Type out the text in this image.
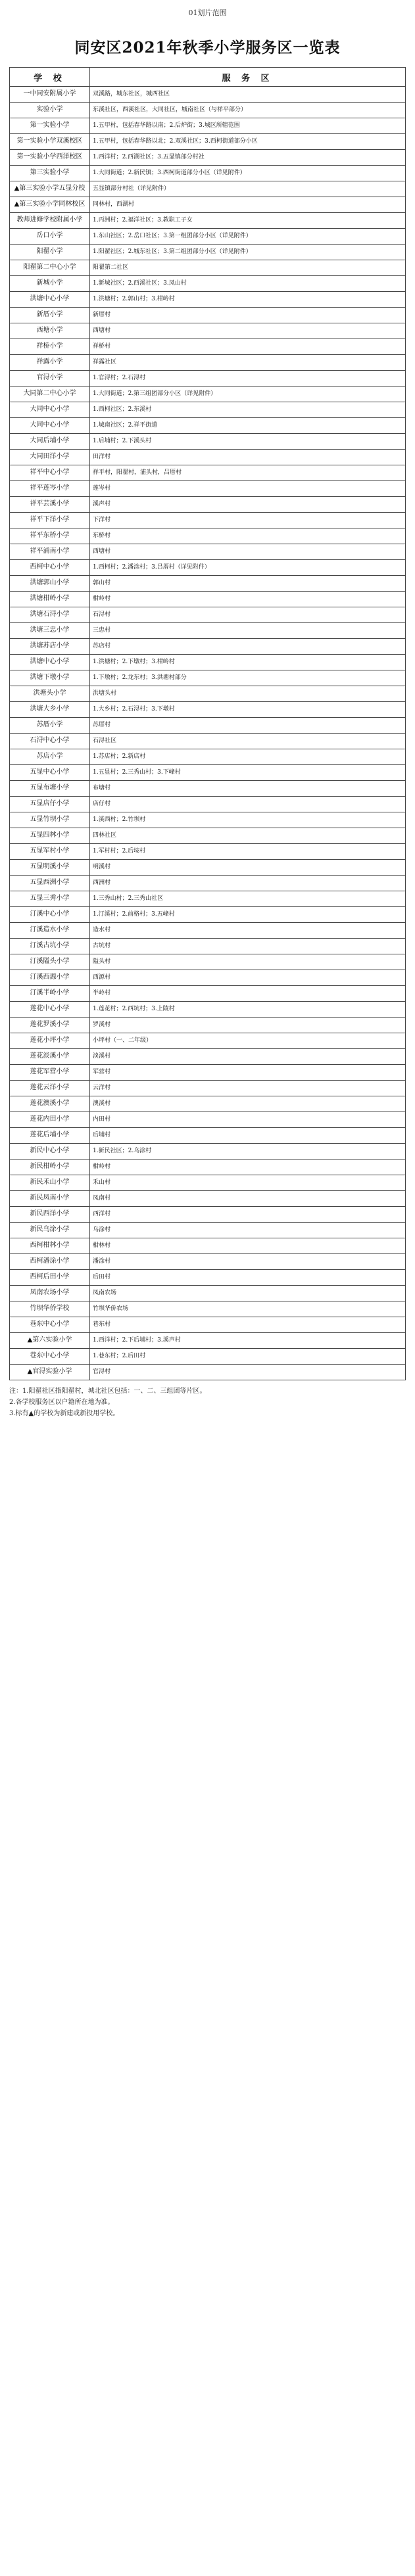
01划片范围
同安区2021年秋季小学服务区一览表
学 校	服 务 区
一中同安附属小学	双溪路，城东社区，城西社区
实验小学	东溪社区，西溪社区，大同社区，城南社区（与祥平部分）
第一实验小学	1.五甲村，包括春华路以南；2.后炉街；3.城区所辖范围
第一实验小学双溪校区	1.五甲村，包括春华路以北；2.双溪社区；3.西柯街道部分小区
第一实验小学西洋校区	1.西洋村；2.西湖社区；3.五显镇部分村社
第三实验小学	1.大同街道；2.新民镇；3.西柯街道部分小区（详见附件）
▲第三实验小学五显分校	五显镇部分村社（详见附件）
▲第三实验小学同林校区	同林村，西湖村
教师进修学校附属小学	1.丙洲村；2.福洋社区；3.教职工子女
岳口小学	1.东山社区；2.岳口社区；3.第一组团部分小区（详见附件）
阳翟小学	1.阳翟社区；2.城东社区；3.第二组团部分小区（详见附件）
阳翟第二中心小学	阳翟第二社区
新城小学	1.新城社区；2.西溪社区；3.凤山村
洪塘中心小学	1.洪塘村；2.郭山村；3.柑岭村
新厝小学	新厝村
西塘小学	西塘村
祥桥小学	祥桥村
祥露小学	祥露社区
官浔小学	1.官浔村；2.石浔村
大同第二中心小学	1.大同街道；2.第三组团部分小区（详见附件）
大同中心小学	1.西柯社区；2.东溪村
大同中心小学	1.城南社区；2.祥平街道
大同后埔小学	1.后埔村；2.下溪头村
大同田洋小学	田洋村
祥平中心小学	祥平村，阳翟村，浦头村，吕厝村
祥平莲岑小学	莲岑村
祥平芸溪小学	溪声村
祥平下洋小学	下洋村
祥平东桥小学	东桥村
祥平浦南小学	西塘村
西柯中心小学	1.西柯村；2.潘涂村；3.吕厝村（详见附件）
洪塘郭山小学	郭山村
洪塘柑岭小学	柑岭村
洪塘石浔小学	石浔村
洪塘三忠小学	三忠村
洪塘苏店小学	苏店村
洪塘中心小学	1.洪塘村；2.下墩村；3.柑岭村
洪塘下墩小学	1.下墩村；2.龙东村；3.洪塘村部分
洪塘头小学	洪塘头村
洪塘大乡小学	1.大乡村；2.石浔村；3.下墩村
苏厝小学	苏厝村
石浔中心小学	石浔社区
苏店小学	1.苏店村；2.新店村
五显中心小学	1.五显村；2.三秀山村；3.下峰村
五显布塘小学	布塘村
五显店仔小学	店仔村
五显竹坝小学	1.溪西村；2.竹坝村
五显四林小学	四林社区
五显军村小学	1.军村村；2.后垵村
五显明溪小学	明溪村
五显西洲小学	西洲村
五显三秀小学	1.三秀山村；2.三秀山社区
汀溪中心小学	1.汀溪村；2.前格村；3.五峰村
汀溪造水小学	造水村
汀溪古坑小学	古坑村
汀溪隘头小学	隘头村
汀溪西源小学	西源村
汀溪半岭小学	半岭村
莲花中心小学	1.莲花村；2.西坑村；3.上陵村
莲花罗溪小学	罗溪村
莲花小坪小学	小坪村（一、二年级）
莲花淡溪小学	淡溪村
莲花军营小学	军营村
莲花云洋小学	云洋村
莲花澳溪小学	澳溪村
莲花内田小学	内田村
莲花后埔小学	后埔村
新民中心小学	1.新民社区；2.乌涂村
新民柑岭小学	柑岭村
新民禾山小学	禾山村
新民凤南小学	凤南村
新民西洋小学	西洋村
新民乌涂小学	乌涂村
西柯柑林小学	柑林村
西柯潘涂小学	潘涂村
西柯后田小学	后田村
凤南农场小学	凤南农场
竹坝华侨学校	竹坝华侨农场
巷东中心小学	巷东村
▲第六实验小学	1.西洋村；2.下后埔村；3.溪声村
巷东中心小学	1.巷东村；2.后田村
▲官浔实验小学	官浔村
注：1.阳翟社区指阳翟村，城北社区包括：一、二、三组团等片区。
2.各学校服务区以户籍所在地为准。
3.标有▲的学校为新建或新投用学校。
